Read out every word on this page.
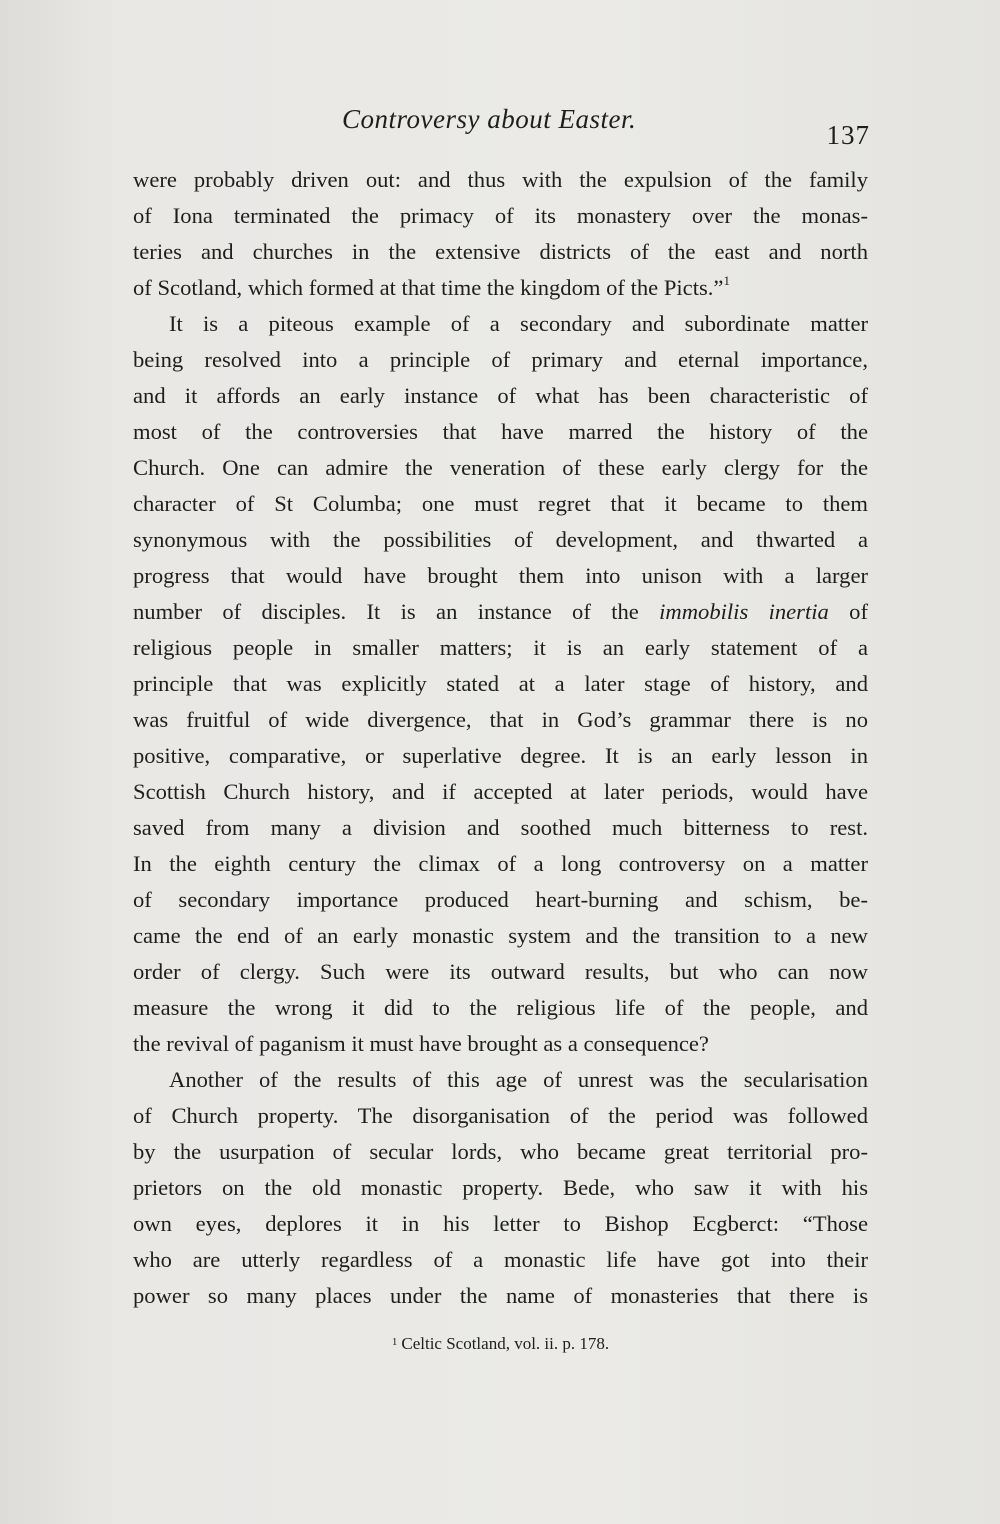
Controversy about Easter.
137
were probably driven out: and thus with the expulsion of the family
of Iona terminated the primacy of its monastery over the monas-
teries and churches in the extensive districts of the east and north
of Scotland, which formed at that time the kingdom of the Picts.”$^1$
It is a piteous example of a secondary and subordinate matter
being resolved into a principle of primary and eternal importance,
and it affords an early instance of what has been characteristic of
most of the controversies that have marred the history of the
Church. One can admire the veneration of these early clergy for the
character of St Columba; one must regret that it became to them
synonymous with the possibilities of development, and thwarted a
progress that would have brought them into unison with a larger
number of disciples. It is an instance of the immobilis inertia of
religious people in smaller matters; it is an early statement of a
principle that was explicitly stated at a later stage of history, and
was fruitful of wide divergence, that in God’s grammar there is no
positive, comparative, or superlative degree. It is an early lesson in
Scottish Church history, and if accepted at later periods, would have
saved from many a division and soothed much bitterness to rest.
In the eighth century the climax of a long controversy on a matter
of secondary importance produced heart-burning and schism, be-
came the end of an early monastic system and the transition to a new
order of clergy. Such were its outward results, but who can now
measure the wrong it did to the religious life of the people, and
the revival of paganism it must have brought as a consequence?
Another of the results of this age of unrest was the secularisation
of Church property. The disorganisation of the period was followed
by the usurpation of secular lords, who became great territorial pro-
prietors on the old monastic property. Bede, who saw it with his
own eyes, deplores it in his letter to Bishop Ecgberct: “Those
who are utterly regardless of a monastic life have got into their
power so many places under the name of monasteries that there is
$^1$ Celtic Scotland, vol. ii. p. 178.
